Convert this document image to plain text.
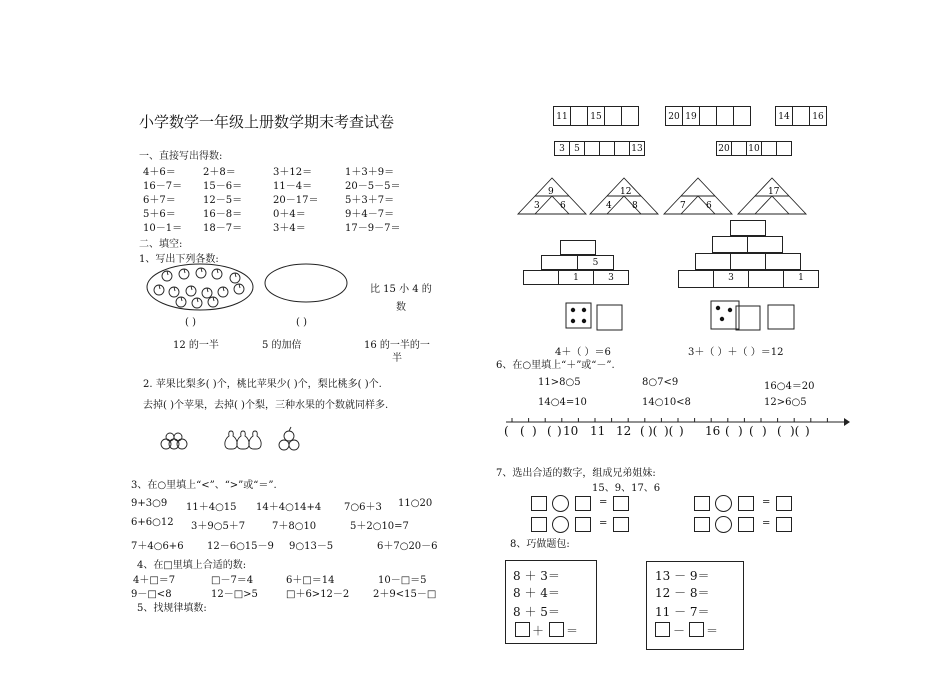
小学数学一年级上册数学期末考查试卷
一、直接写出得数:
4＋6＝	2＋8＝	3＋12＝	1＋3＋9＝
16－7＝ 15－6＝	11－4＝	20－5－5＝
6＋7＝	12－5＝	20－17＝	5＋3＋7＝
5＋6＝	16－8＝	0＋4＝	9＋4－7＝
10－1＝ 18－7＝	3＋4＝	17－9－7＝
二、填空:
1、写出下列各数:
比 15 小 4 的
数
( )	( )
12 的一半	5 的加倍	16 的一半的一
半
2. 苹果比梨多( )个，桃比苹果少( )个，梨比桃多( )个.
去掉( )个苹果，去掉( )个梨，三种水果的个数就同样多.
3、在○里填上“<”、“>”或“＝”.
9+3○9 11＋4○15 14＋4○14+4 7○6＋3 11○20
6+6○12 3＋9○5＋7	7＋8○10	5＋2○10=7
7＋4○6+6 12－6○15－9 9○13－5	6＋7○20－6
4、在□里填上合适的数:
4＋□＝7	□－7＝4	6＋□＝14	10－□＝5
9－□<8	12－□>5	□＋6>12－2 2＋9<15－□
5、找规律填数:
11	15	20 19	14	16
3	5	13	20 10
9
3 6
12
4 8	7 6
17
5
1	3	3	1
4＋（ ）＝6	3＋（ ）＋（ ）＝12
6、在○里填上“＋”或“－”.
11>8○5	8○7<9	16○4＝20
14○4=10	14○10<8	12>6○5
( ( ) ( ) 10 11 12 ( )( )( ) 16 ( ) ( ) ( )( )
7、选出合适的数字，组成兄弟姐妹:
15、9、17、6
=
=
=
=
8、巧做题包:
8 ＋ 3＝
8 ＋ 4＝
8 ＋ 5＝
13 － 9＝
12 － 8＝
11 － 7＝
＋ ＝	－ ＝
